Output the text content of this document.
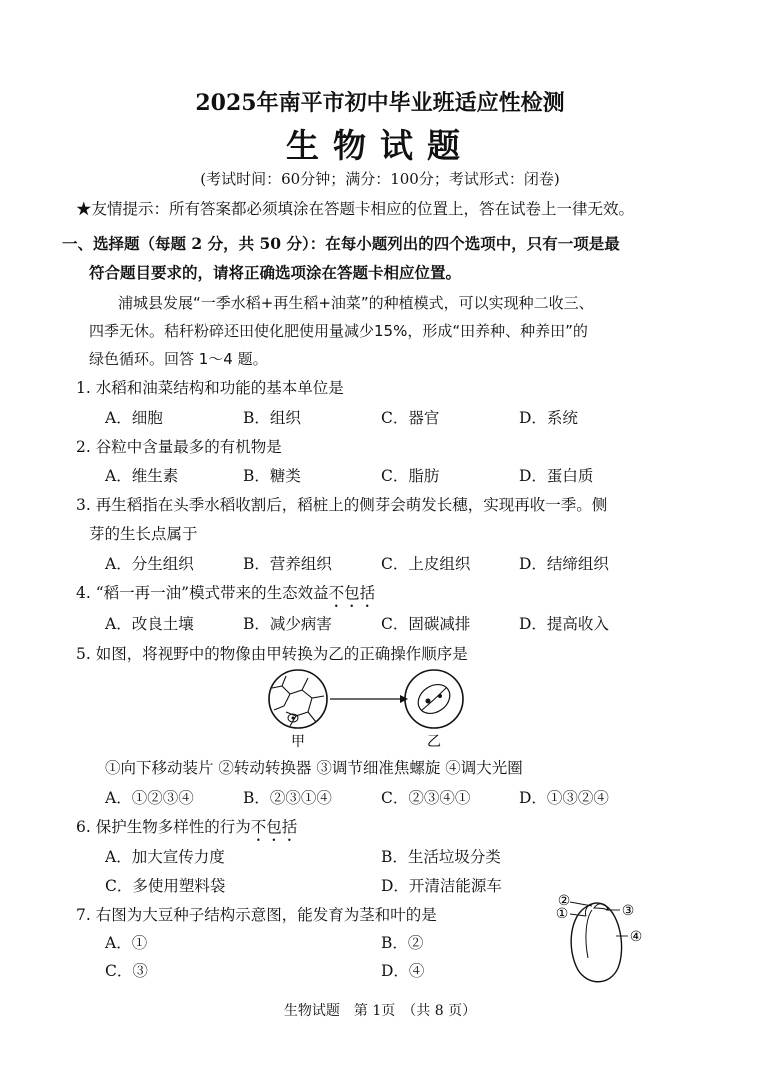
2025年南平市初中毕业班适应性检测
生物试题
(考试时间：60分钟；满分：100分；考试形式：闭卷)
★友情提示：所有答案都必须填涂在答题卡相应的位置上，答在试卷上一律无效。
一、选择题（每题 2 分，共 50 分）：在每小题列出的四个选项中，只有一项是最
符合题目要求的，请将正确选项涂在答题卡相应位置。
浦城县发展“一季水稻+再生稻+油菜”的种植模式，可以实现种二收三、
四季无休。秸秆粉碎还田使化肥使用量减少15%，形成“田养种、种养田”的
绿色循环。回答 1～4 题。
1. 水稻和油菜结构和功能的基本单位是
A．细胞	B．组织	C．器官	D．系统
2. 谷粒中含量最多的有机物是
A．维生素	B．糖类	C．脂肪	D．蛋白质
3. 再生稻指在头季水稻收割后，稻桩上的侧芽会萌发长穗，实现再收一季。侧
芽的生长点属于
A．分生组织	B．营养组织	C．上皮组织	D．结缔组织
4. “稻一再一油”模式带来的生态效益不包括
A．改良土壤	B．减少病害	C．固碳减排	D．提高收入
5. 如图，将视野中的物像由甲转换为乙的正确操作顺序是
甲	乙
①向下移动装片 ②转动转换器 ③调节细准焦螺旋 ④调大光圈
A．①②③④	B．②③①④	C．②③④①	D．①③②④
6. 保护生物多样性的行为不包括
A．加大宣传力度	B．生活垃圾分类
C．多使用塑料袋	D．开清洁能源车
7. 右图为大豆种子结构示意图，能发育为茎和叶的是
A．①	B．②
C．③	D．④
②
①	③
④
生物试题　第 1页　（共 8 页）
